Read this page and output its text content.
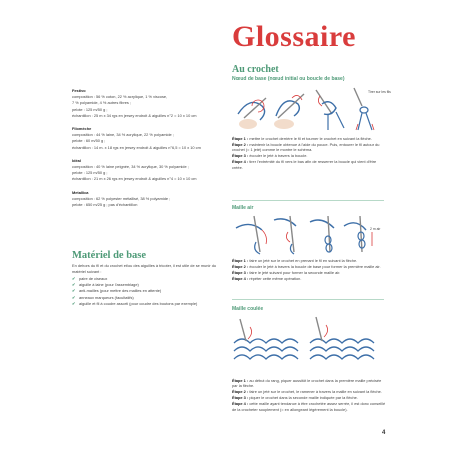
Festivo
composition : 56 % coton, 22 % acrylique, 1 % viscose,
7 % polyamide, 4 % autres fibres ;
pelote : 125 m/50 g ;
échantillon : 25 m x 34 rgs en jersey endroit & aiguilles n°2 = 10 x 10 cm
Filomèche
composition : 44 % laine, 34 % acrylique, 22 % polyamide ;
pelote : 60 m/50 g ;
échantillon : 14 m. x 18 rgs en jersey endroit & aiguilles n°6,5 = 10 x 10 cm
Idéal
composition : 40 % laine peignée, 34 % acrylique, 30 % polyamide ;
pelote : 125 m/50 g ;
échantillon : 21 m x 26 rgs en jersey endroit & aiguilles n°4 = 10 x 10 cm
Metallica
composition : 62 % polyester métallisé, 38 % polyamide ;
pelote : 650 m/25 g ; pas d'échantillon
Matériel de base
En dehors du fil et du crochet et/ou des aiguilles à tricoter, il est utile de se munir du matériel suivant :
✔ paire de ciseaux
✔ aiguille à laine (pour l'assemblage)
✔ anti-mailles (pour mettre des mailles en attente)
✔ anneaux marqueurs (facultatifs)
✔ aiguille et fil à coudre assorti (pour coudre des boutons par exemple)
Glossaire
Au crochet
Nœud de base (nœud initial ou boucle de base)
Tirer sur les fils
Étape 1 : mettre le crochet derrière le fil et tourner le crochet en suivant la flèche.
Étape 2 : maintenir la boucle obtenue à l'aide du pouce. Puis, entourer le fil autour du crochet (= 1 jeté) comme le montre le schéma.
Étape 3 : écouler le jeté à travers la boucle.
Étape 4 : tirer l'extrémité du fil vers le bas afin de resserrer la boucle qui vient d'être créée.
Maille air
2 m air
Étape 1 : faire un jeté sur le crochet en prenant le fil en suivant la flèche.
Étape 2 : écouler le jeté à travers la boucle de base pour former la première maille air.
Étape 3 : faire le jeté suivant pour former la seconde maille air.
Étape 4 : répéter cette même opération.
Maille coulée
Étape 1 : au début du rang, piquer aussitôt le crochet dans la première maille précisée par la flèche.
Étape 2 : faire un jeté sur le crochet, le ramener à travers la maille en suivant la flèche.
Étape 3 : piquer le crochet dans la seconde maille indiquée par la flèche.
Étape 4 : cette maille ayant tendance à être crochetée assez serrée, il est donc conseillé de la crocheter souplement (= en allongeant légèrement la boucle).
4
